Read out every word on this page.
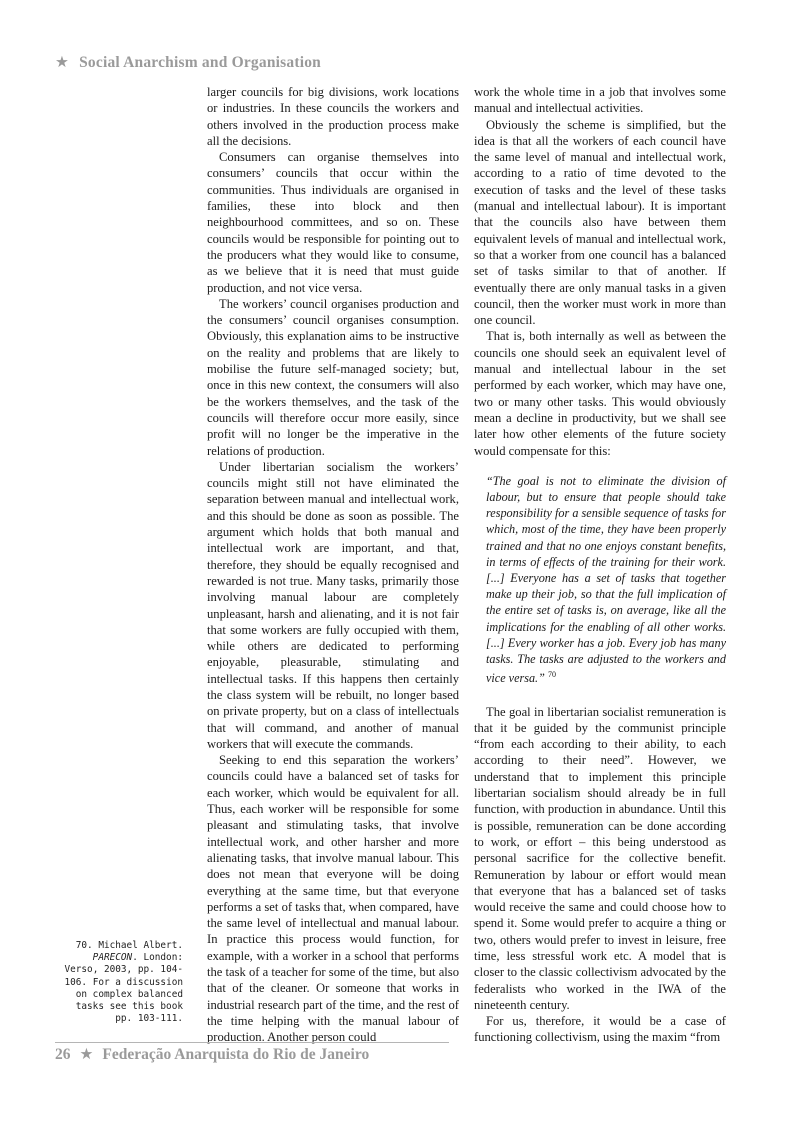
★ Social Anarchism and Organisation

larger councils for big divisions, work locations or industries. In these councils the workers and others involved in the production process make all the decisions.

Consumers can organise themselves into consumers’ councils that occur within the communities. Thus individuals are organised in families, these into block and then neighbourhood committees, and so on. These councils would be responsible for pointing out to the producers what they would like to consume, as we believe that it is need that must guide production, and not vice versa.

The workers’ council organises production and the consumers’ council organises consumption. Obviously, this explanation aims to be instructive on the reality and problems that are likely to mobilise the future self-managed society; but, once in this new context, the consumers will also be the workers themselves, and the task of the councils will therefore occur more easily, since profit will no longer be the imperative in the relations of production.

Under libertarian socialism the workers’ councils might still not have eliminated the separation between manual and intellectual work, and this should be done as soon as possible. The argument which holds that both manual and intellectual work are important, and that, therefore, they should be equally recognised and rewarded is not true. Many tasks, primarily those involving manual labour are completely unpleasant, harsh and alienating, and it is not fair that some workers are fully occupied with them, while others are dedicated to performing enjoyable, pleasurable, stimulating and intellectual tasks. If this happens then certainly the class system will be rebuilt, no longer based on private property, but on a class of intellectuals that will command, and another of manual workers that will execute the commands.

Seeking to end this separation the workers’ councils could have a balanced set of tasks for each worker, which would be equivalent for all. Thus, each worker will be responsible for some pleasant and stimulating tasks, that involve intellectual work, and other harsher and more alienating tasks, that involve manual labour. This does not mean that everyone will be doing everything at the same time, but that everyone performs a set of tasks that, when compared, have the same level of intellectual and manual labour. In practice this process would function, for example, with a worker in a school that performs the task of a teacher for some of the time, but also that of the cleaner. Or someone that works in industrial research part of the time, and the rest of the time helping with the manual labour of production. Another person could

work the whole time in a job that involves some manual and intellectual activities.

Obviously the scheme is simplified, but the idea is that all the workers of each council have the same level of manual and intellectual work, according to a ratio of time devoted to the execution of tasks and the level of these tasks (manual and intellectual labour). It is important that the councils also have between them equivalent levels of manual and intellectual work, so that a worker from one council has a balanced set of tasks similar to that of another. If eventually there are only manual tasks in a given council, then the worker must work in more than one council.

That is, both internally as well as between the councils one should seek an equivalent level of manual and intellectual labour in the set performed by each worker, which may have one, two or many other tasks. This would obviously mean a decline in productivity, but we shall see later how other elements of the future society would compensate for this:

“The goal is not to eliminate the division of labour, but to ensure that people should take responsibility for a sensible sequence of tasks for which, most of the time, they have been properly trained and that no one enjoys constant benefits, in terms of effects of the training for their work. [...] Everyone has a set of tasks that together make up their job, so that the full implication of the entire set of tasks is, on average, like all the implications for the enabling of all other works. [...] Every worker has a job. Every job has many tasks. The tasks are adjusted to the workers and vice versa.” $^{70}$

The goal in libertarian socialist remuneration is that it be guided by the communist principle “from each according to their ability, to each according to their need”. However, we understand that to implement this principle libertarian socialism should already be in full function, with production in abundance. Until this is possible, remuneration can be done according to work, or effort – this being understood as personal sacrifice for the collective benefit. Remuneration by labour or effort would mean that everyone that has a balanced set of tasks would receive the same and could choose how to spend it. Some would prefer to acquire a thing or two, others would prefer to invest in leisure, free time, less stressful work etc. A model that is closer to the classic collectivism advocated by the federalists who worked in the IWA of the nineteenth century.

For us, therefore, it would be a case of functioning collectivism, using the maxim “from

70. Michael Albert. PARECON. London: Verso, 2003, pp. 104-106. For a discussion on complex balanced tasks see this book pp. 103-111.
26 ★ Federação Anarquista do Rio de Janeiro
